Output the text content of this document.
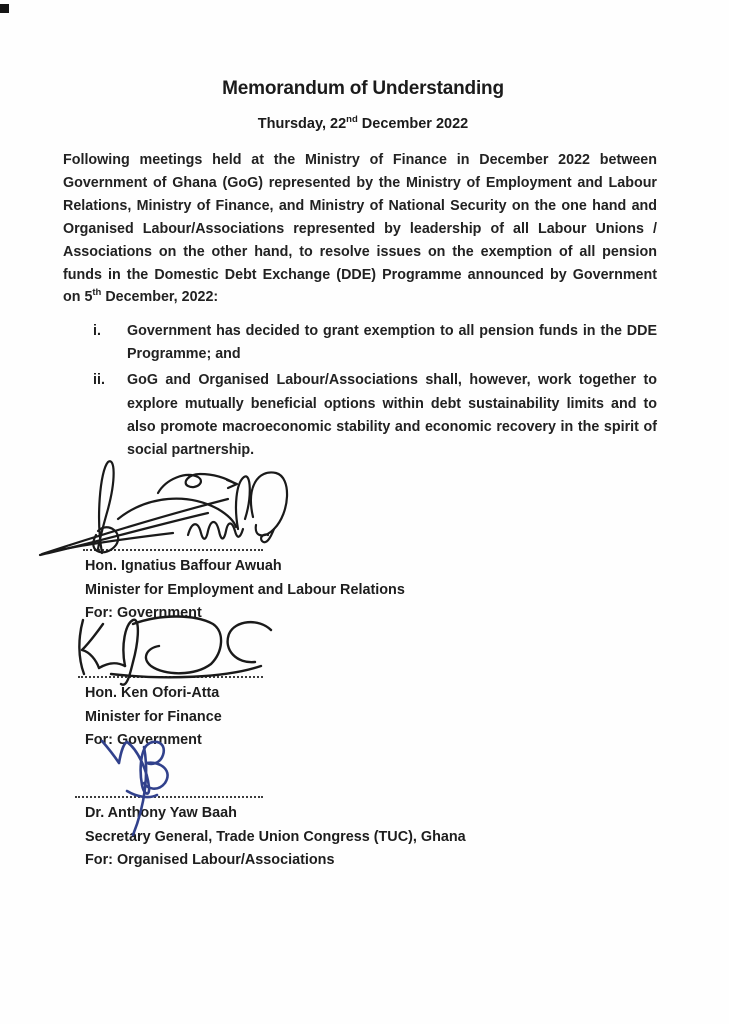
Memorandum of Understanding
Thursday, 22nd December 2022
Following meetings held at the Ministry of Finance in December 2022 between Government of Ghana (GoG) represented by the Ministry of Employment and Labour Relations, Ministry of Finance, and Ministry of National Security on the one hand and Organised Labour/Associations represented by leadership of all Labour Unions / Associations on the other hand, to resolve issues on the exemption of all pension funds in the Domestic Debt Exchange (DDE) Programme announced by Government on 5th December, 2022:
i.	Government has decided to grant exemption to all pension funds in the DDE Programme; and
ii.	GoG and Organised Labour/Associations shall, however, work together to explore mutually beneficial options within debt sustainability limits and to also promote macroeconomic stability and economic recovery in the spirit of social partnership.
Hon. Ignatius Baffour Awuah
Minister for Employment and Labour Relations
For: Government
Hon. Ken Ofori-Atta
Minister for Finance
For: Government
Dr. Anthony Yaw Baah
Secretary General, Trade Union Congress (TUC), Ghana
For: Organised Labour/Associations
